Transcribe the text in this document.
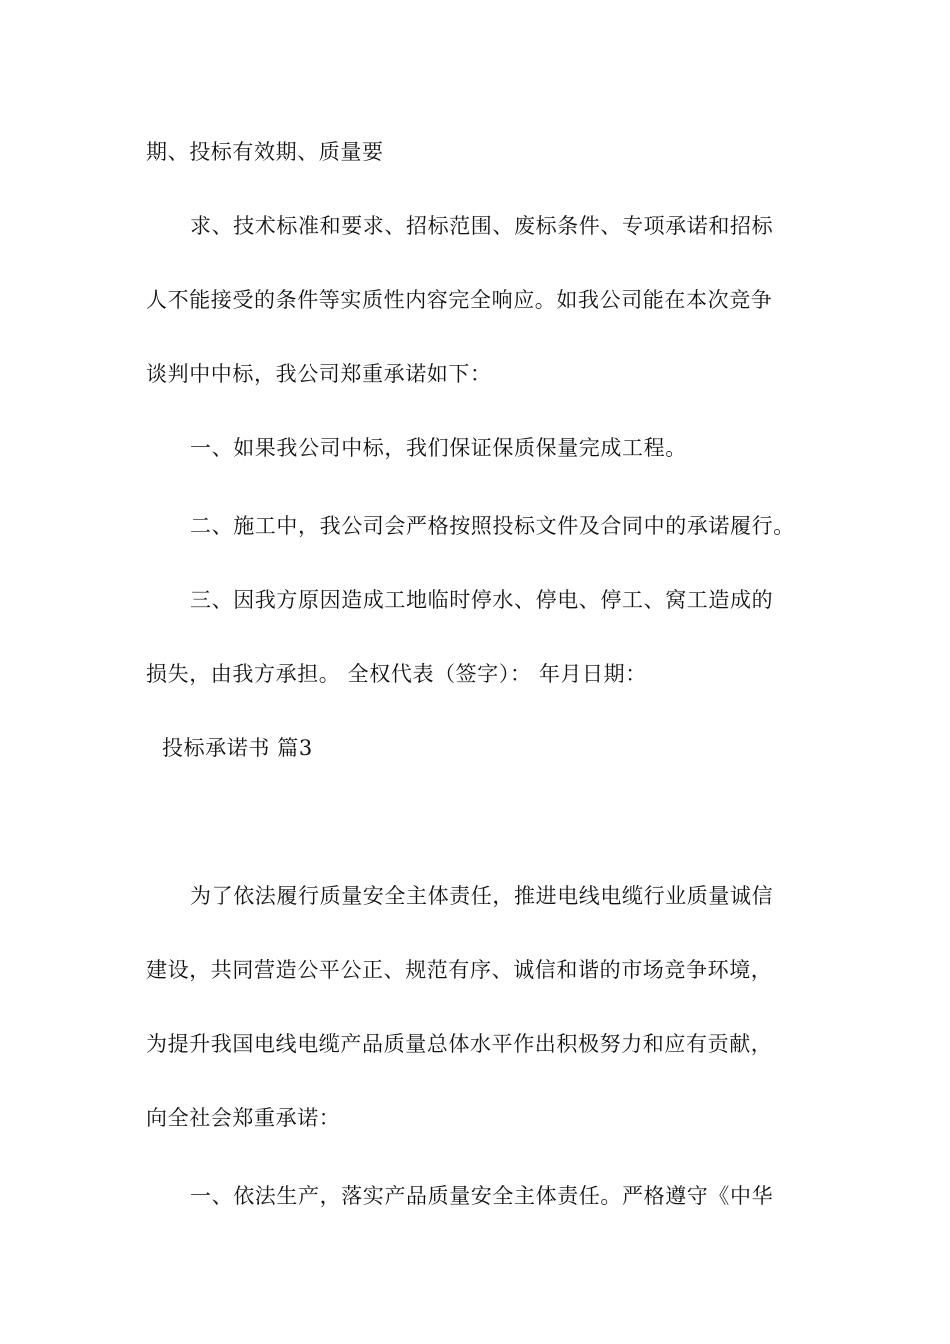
期、投标有效期、质量要
求、技术标准和要求、招标范围、废标条件、专项承诺和招标
人不能接受的条件等实质性内容完全响应。如我公司能在本次竞争
谈判中中标，我公司郑重承诺如下：
一、如果我公司中标，我们保证保质保量完成工程。
二、施工中，我公司会严格按照投标文件及合同中的承诺履行。
三、因我方原因造成工地临时停水、停电、停工、窝工造成的
损失，由我方承担。 全权代表（签字）： 年月日期：
投标承诺书 篇3
为了依法履行质量安全主体责任，推进电线电缆行业质量诚信
建设，共同营造公平公正、规范有序、诚信和谐的市场竞争环境，
为提升我国电线电缆产品质量总体水平作出积极努力和应有贡献，
向全社会郑重承诺：
一、依法生产，落实产品质量安全主体责任。严格遵守《中华
